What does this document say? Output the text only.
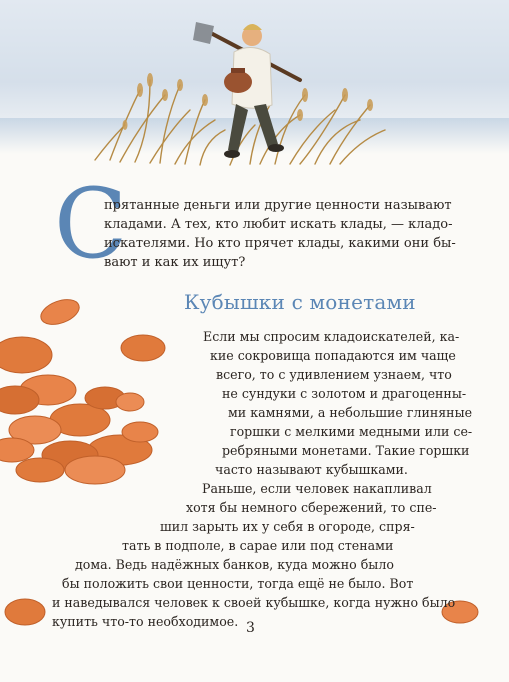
С
прятанные деньги или другие ценности называют
кладами. А тех, кто любит искать клады, — кладо-
искателями. Но кто прячет клады, какими они бы-
вают и как их ищут?
Кубышки с монетами
Если мы спросим кладоискателей, ка-
кие сокровища попадаются им чаще
всего, то с удивлением узнаем, что
не сундуки с золотом и драгоценны-
ми камнями, а небольшие глиняные
горшки с мелкими медными или се-
ребряными монетами. Такие горшки
часто называют кубышками.
Раньше, если человек накапливал
хотя бы немного сбережений, то спе-
шил зарыть их у себя в огороде, спря-
тать в подполе, в сарае или под стенами
дома. Ведь надёжных банков, куда можно было
бы положить свои ценности, тогда ещё не было. Вот
и наведывался человек к своей кубышке, когда нужно было
купить что-то необходимое. 3
